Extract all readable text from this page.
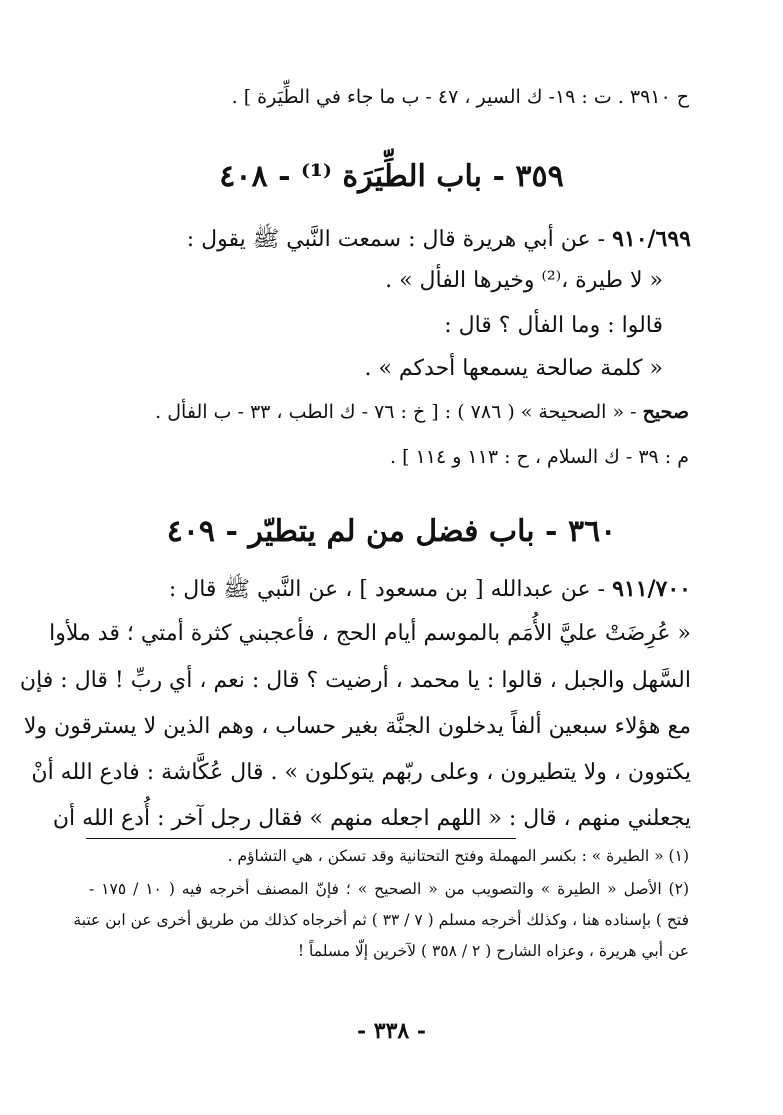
ح ٣٩١٠ . ت : ١٩- ك السير ، ٤٧ - ب ما جاء في الطِّيَرة ] .
٣٥٩ - باب الطِّيَرَة ⁽¹⁾ - ٤٠٨
٩١٠/٦٩٩ - عن أبي هريرة قال : سمعت النَّبي ﷺ يقول :
« لا طيرة ،⁽²⁾ وخيرها الفأل » .
قالوا : وما الفأل ؟ قال :
« كلمة صالحة يسمعها أحدكم » .
صحيح - « الصحيحة » ( ٧٨٦ ) : [ خ : ٧٦ - ك الطب ، ٣٣ - ب الفأل .
م : ٣٩ - ك السلام ، ح : ١١٣ و ١١٤ ] .
٣٦٠ - باب فضل من لم يتطيّر - ٤٠٩
٩١١/٧٠٠ - عن عبدالله [ بن مسعود ] ، عن النَّبي ﷺ قال :
« عُرِضَتْ عليَّ الأُمَم بالموسم أيام الحج ، فأعجبني كثرة أمتي ؛ قد ملأوا
السَّهل والجبل ، قالوا : يا محمد ، أرضيت ؟ قال : نعم ، أي ربِّ ! قال : فإن
مع هؤلاء سبعين ألفاً يدخلون الجنَّة بغير حساب ، وهم الذين لا يسترقون ولا
يكتوون ، ولا يتطيرون ، وعلى ربّهم يتوكلون » . قال عُكَّاشة : فادع الله أنْ
يجعلني منهم ، قال : « اللهم اجعله منهم » فقال رجل آخر : أُدع الله أن
(١) « الطيرة » : بكسر المهملة وفتح التحتانية وقد تسكن ، هي التشاؤم .
(٢) الأصل « الطيرة » والتصويب من « الصحيح » ؛ فإنّ المصنف أخرجه فيه ( ١٠ / ١٧٥ -
فتح ) بإسناده هنا ، وكذلك أخرجه مسلم ( ٧ / ٣٣ ) ثم أخرجاه كذلك من طريق أخرى عن ابن عتبة
عن أبي هريرة ، وعزاه الشارح ( ٢ / ٣٥٨ ) لآخرين إلّا مسلماً !
- ٣٣٨ -
